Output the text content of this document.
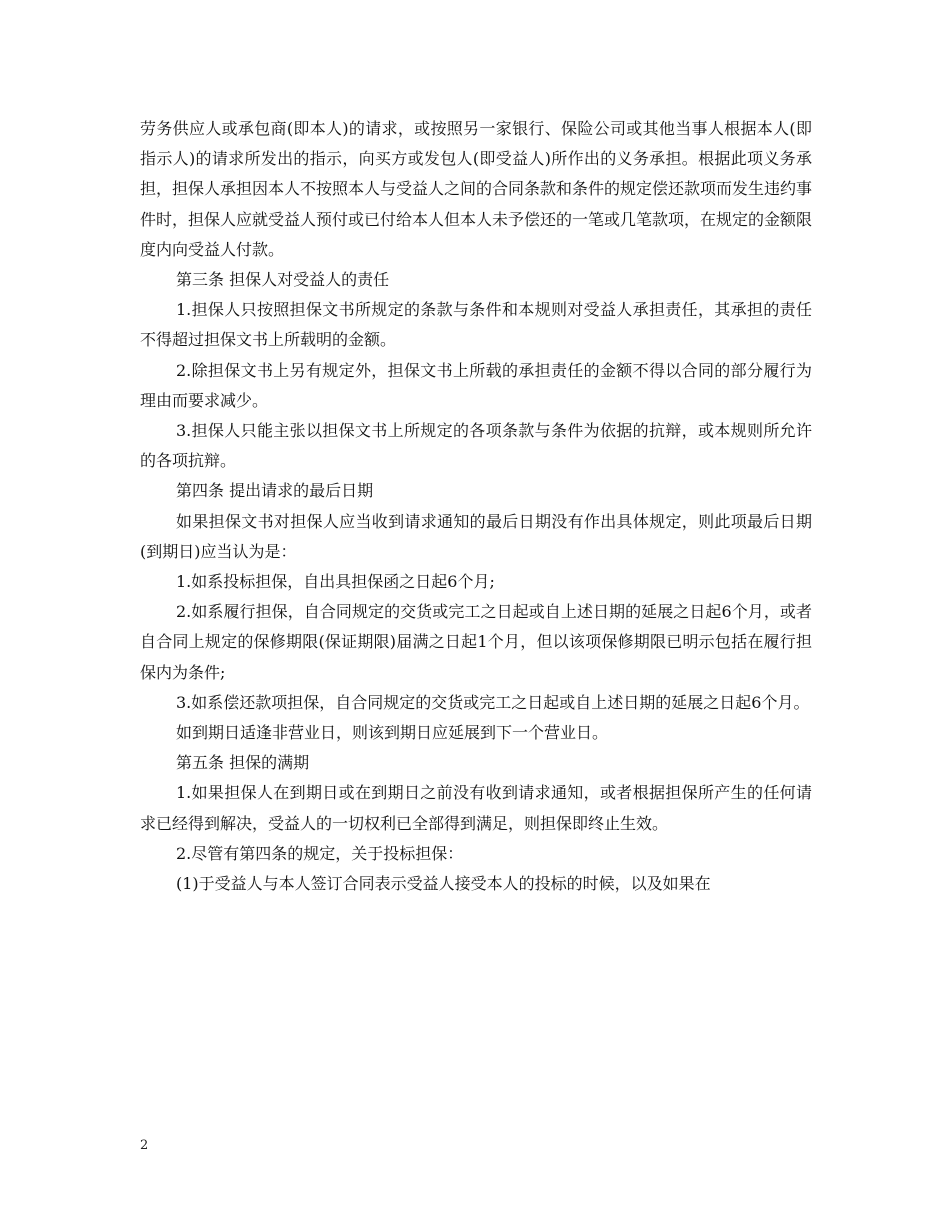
劳务供应人或承包商(即本人)的请求，或按照另一家银行、保险公司或其他当事人根据本人(即指示人)的请求所发出的指示，向买方或发包人(即受益人)所作出的义务承担。根据此项义务承担，担保人承担因本人不按照本人与受益人之间的合同条款和条件的规定偿还款项而发生违约事件时，担保人应就受益人预付或已付给本人但本人未予偿还的一笔或几笔款项，在规定的金额限度内向受益人付款。

第三条 担保人对受益人的责任

1.担保人只按照担保文书所规定的条款与条件和本规则对受益人承担责任，其承担的责任不得超过担保文书上所载明的金额。

2.除担保文书上另有规定外，担保文书上所载的承担责任的金额不得以合同的部分履行为理由而要求减少。

3.担保人只能主张以担保文书上所规定的各项条款与条件为依据的抗辩，或本规则所允许的各项抗辩。

第四条 提出请求的最后日期

如果担保文书对担保人应当收到请求通知的最后日期没有作出具体规定，则此项最后日期(到期日)应当认为是：

1.如系投标担保，自出具担保函之日起6个月;

2.如系履行担保，自合同规定的交货或完工之日起或自上述日期的延展之日起6个月，或者自合同上规定的保修期限(保证期限)届满之日起1个月，但以该项保修期限已明示包括在履行担保内为条件;

3.如系偿还款项担保，自合同规定的交货或完工之日起或自上述日期的延展之日起6个月。

如到期日适逢非营业日，则该到期日应延展到下一个营业日。

第五条 担保的满期

1.如果担保人在到期日或在到期日之前没有收到请求通知，或者根据担保所产生的任何请求已经得到解决，受益人的一切权利已全部得到满足，则担保即终止生效。

2.尽管有第四条的规定，关于投标担保：

(1)于受益人与本人签订合同表示受益人接受本人的投标的时候，以及如果在

2
